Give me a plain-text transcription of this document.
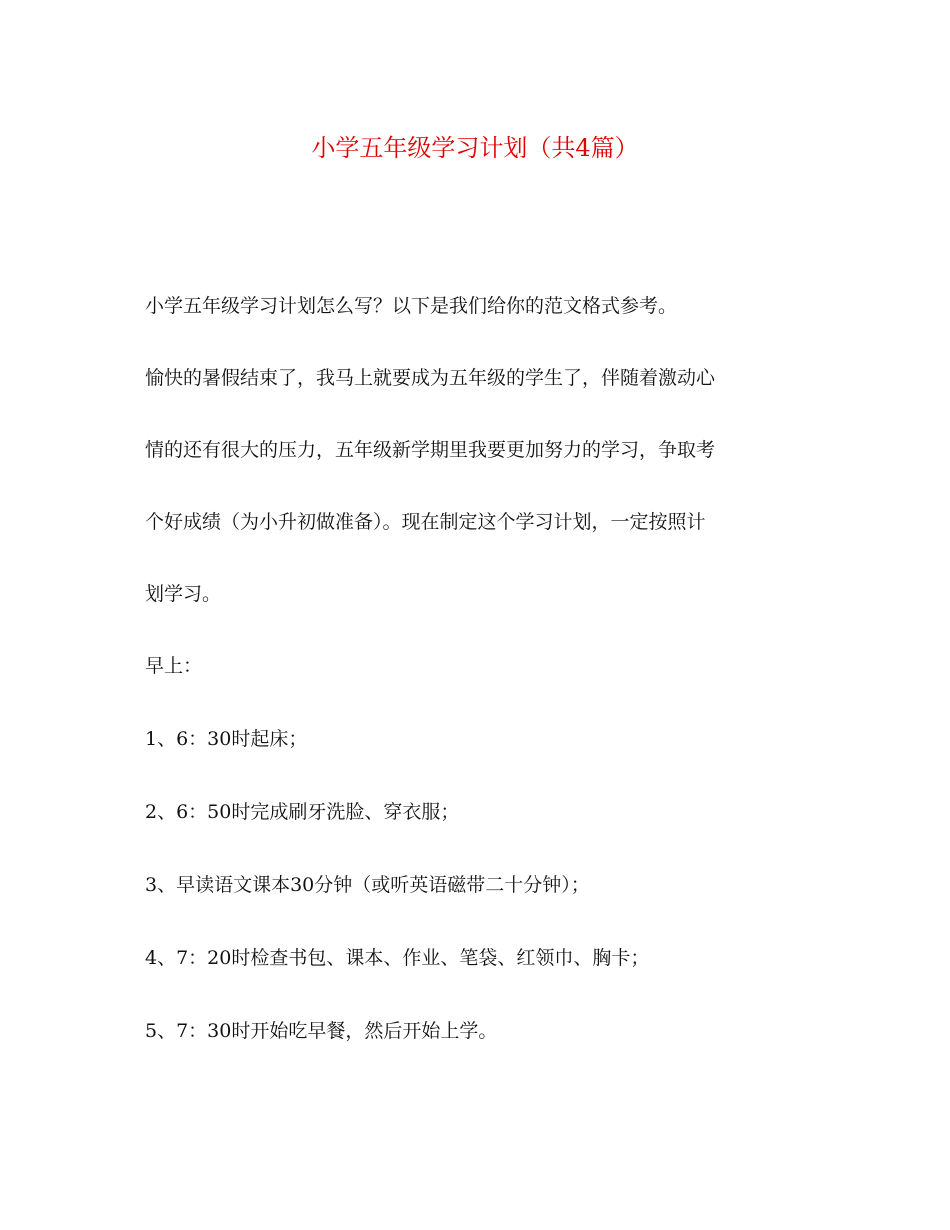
小学五年级学习计划（共4篇）

小学五年级学习计划怎么写？以下是我们给你的范文格式参考。

愉快的暑假结束了，我马上就要成为五年级的学生了，伴随着激动心

情的还有很大的压力，五年级新学期里我要更加努力的学习，争取考

个好成绩（为小升初做准备）。现在制定这个学习计划，一定按照计

划学习。

早上：

1、6：30时起床；

2、6：50时完成刷牙洗脸、穿衣服；

3、早读语文课本30分钟（或听英语磁带二十分钟）；

4、7：20时检查书包、课本、作业、笔袋、红领巾、胸卡；

5、7：30时开始吃早餐，然后开始上学。
